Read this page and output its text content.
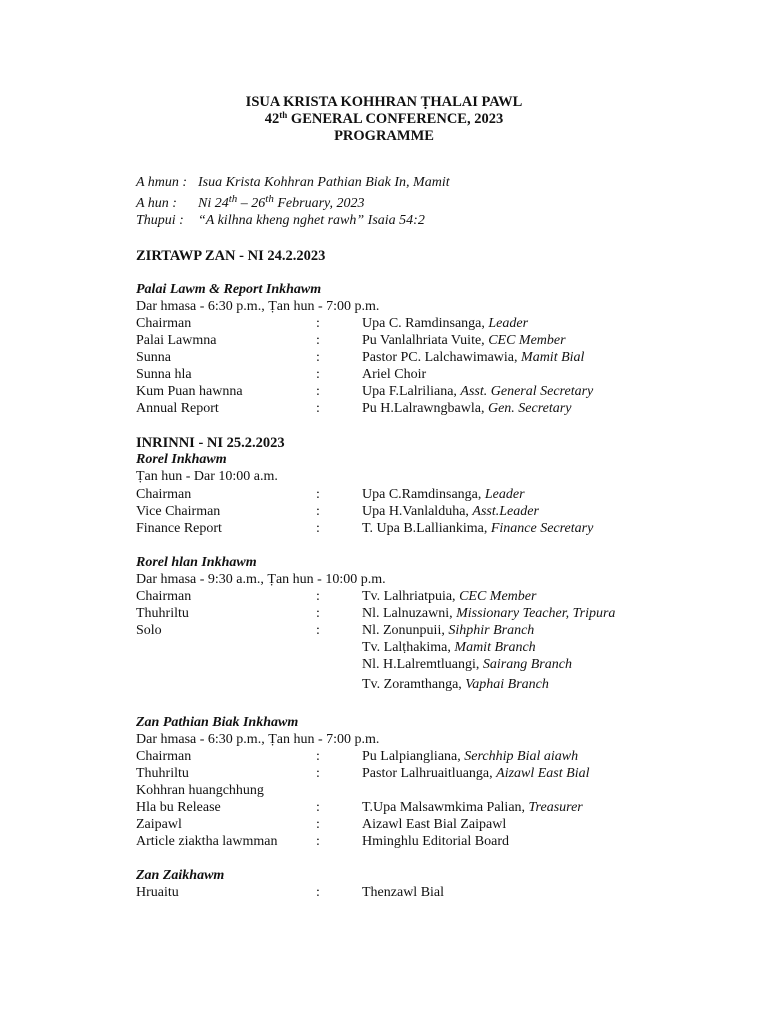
ISUA KRISTA KOHHRAN ṬHALAI PAWL
42th GENERAL CONFERENCE, 2023
PROGRAMME
A hmun : Isua Krista Kohhran Pathian Biak In, Mamit
A hun : Ni 24th – 26th February, 2023
Thupui : “A kilhna kheng nghet rawh” Isaia 54:2
ZIRTAWP ZAN - NI 24.2.2023
Palai Lawm & Report Inkhawm
Dar hmasa - 6:30 p.m., Ṭan hun - 7:00 p.m.
Chairman	:	Upa C. Ramdinsanga, Leader
Palai Lawmna	:	Pu Vanlalhriata Vuite, CEC Member
Sunna	:	Pastor PC. Lalchawimawia, Mamit Bial
Sunna hla	:	Ariel Choir
Kum Puan hawnna	:	Upa F.Lalriliana, Asst. General Secretary
Annual Report	:	Pu H.Lalrawngbawla, Gen. Secretary
INRINNI - NI 25.2.2023
Rorel Inkhawm
Ṭan hun - Dar 10:00 a.m.
Chairman	:	Upa C.Ramdinsanga, Leader
Vice Chairman	:	Upa H.Vanlalduha, Asst.Leader
Finance Report	:	T. Upa B.Lalliankima, Finance Secretary
Rorel hlan Inkhawm
Dar hmasa - 9:30 a.m., Ṭan hun - 10:00 p.m.
Chairman	:	Tv. Lalhriatpuia, CEC Member
Thuhriltu	:	Nl. Lalnuzawni, Missionary Teacher, Tripura
Solo	:	Nl. Zonunpuii, Sihphir Branch
Tv. Lalṭhakima, Mamit Branch
Nl. H.Lalremtluangi, Sairang Branch
Tv. Zoramthanga, Vaphai Branch
Zan Pathian Biak Inkhawm
Dar hmasa - 6:30 p.m., Ṭan hun - 7:00 p.m.
Chairman	:	Pu Lalpiangliana, Serchhip Bial aiawh
Thuhriltu	:	Pastor Lalhruaitluanga, Aizawl East Bial
Kohhran huangchhung
Hla bu Release	:	T.Upa Malsawmkima Palian, Treasurer
Zaipawl	:	Aizawl East Bial Zaipawl
Article ziaktha lawmman	:	Hminghlu Editorial Board
Zan Zaikhawm
Hruaitu	:	Thenzawl Bial
